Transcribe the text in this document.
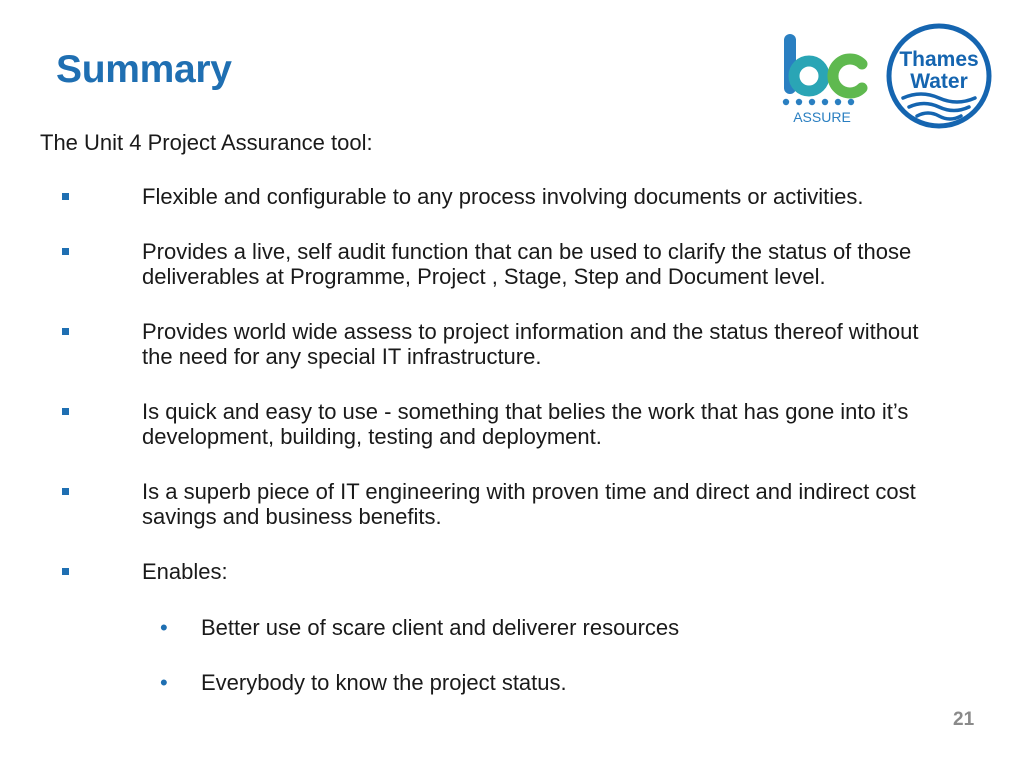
Summary
ASSURE
Thames
Water
The Unit 4 Project Assurance tool:
Flexible and configurable to any process involving documents or activities.
Provides a live, self audit function that can be used to clarify the status of those deliverables at Programme, Project , Stage, Step and Document level.
Provides world wide assess to project information and the status thereof without the need for any special IT infrastructure.
Is quick and easy to use - something that belies the work that has gone into it’s development, building, testing and deployment.
Is a superb piece of IT engineering with proven time and direct and indirect cost savings and business benefits.
Enables:
• Better use of scare client and deliverer resources
• Everybody to know the project status.
21
